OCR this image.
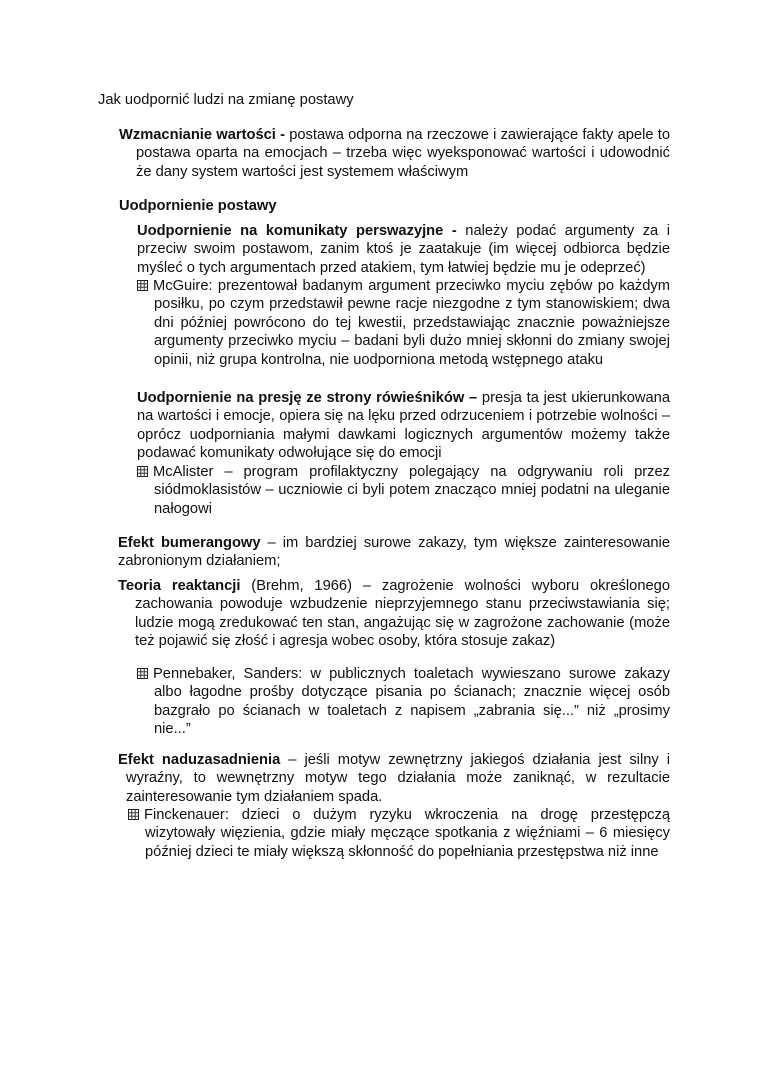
Jak uodpornić ludzi na zmianę postawy
Wzmacnianie wartości - postawa odporna na rzeczowe i zawierające fakty apele to postawa oparta na emocjach – trzeba więc wyeksponować wartości i udowodnić że dany system wartości jest systemem właściwym
Uodpornienie postawy
Uodpornienie na komunikaty perswazyjne - należy podać argumenty za i przeciw swoim postawom, zanim ktoś je zaatakuje (im więcej odbiorca będzie myśleć o tych argumentach przed atakiem, tym łatwiej będzie mu je odeprzeć)
McGuire: prezentował badanym argument przeciwko myciu zębów po każdym posiłku, po czym przedstawił pewne racje niezgodne z tym stanowiskiem; dwa dni później powrócono do tej kwestii, przedstawiając znacznie poważniejsze argumenty przeciwko myciu – badani byli dużo mniej skłonni do zmiany swojej opinii, niż grupa kontrolna, nie uodporniona metodą wstępnego ataku
Uodpornienie na presję ze strony rówieśników – presja ta jest ukierunkowana na wartości i emocje, opiera się na lęku przed odrzuceniem i potrzebie wolności – oprócz uodporniania małymi dawkami logicznych argumentów możemy także podawać komunikaty odwołujące się do emocji
McAlister – program profilaktyczny polegający na odgrywaniu roli przez siódmoklasistów – uczniowie ci byli potem znacząco mniej podatni na uleganie nałogowi
Efekt bumerangowy – im bardziej surowe zakazy, tym większe zainteresowanie zabronionym działaniem;
Teoria reaktancji (Brehm, 1966) – zagrożenie wolności wyboru określonego zachowania powoduje wzbudzenie nieprzyjemnego stanu przeciwstawiania się; ludzie mogą zredukować ten stan, angażując się w zagrożone zachowanie (może też pojawić się złość i agresja wobec osoby, która stosuje zakaz)
Pennebaker, Sanders: w publicznych toaletach wywieszano surowe zakazy albo łagodne prośby dotyczące pisania po ścianach; znacznie więcej osób bazgrało po ścianach w toaletach z napisem „zabrania się...” niż „prosimy nie...”
Efekt naduzasadnienia – jeśli motyw zewnętrzny jakiegoś działania jest silny i wyraźny, to wewnętrzny motyw tego działania może zaniknąć, w rezultacie zainteresowanie tym działaniem spada.
Finckenauer: dzieci o dużym ryzyku wkroczenia na drogę przestępczą wizytowały więzienia, gdzie miały męczące spotkania z więźniami – 6 miesięcy później dzieci te miały większą skłonność do popełniania przestępstwa niż inne
